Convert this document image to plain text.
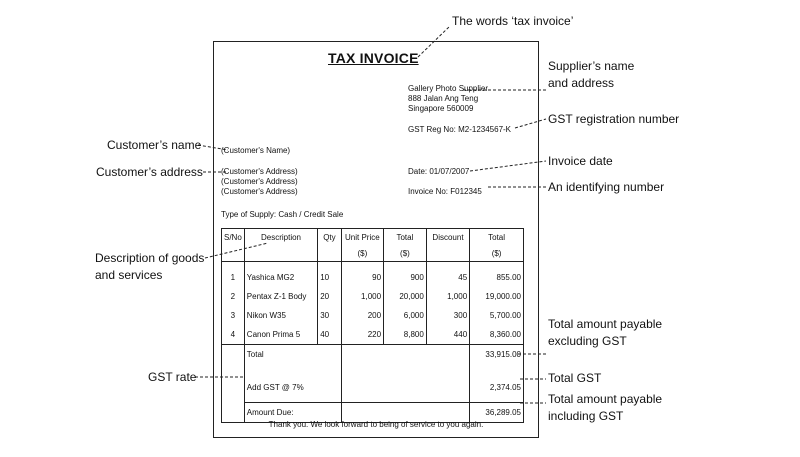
The words ‘tax invoice’
Supplier’s name
and address
GST registration number
Customer’s name
Customer’s address
Invoice date
An identifying number
Description of goods
and services
Total amount payable
excluding GST
GST rate	Total GST
Total amount payable
including GST
TAX INVOICE
Gallery Photo Supplier
888 Jalan Ang Teng
Singapore 560009
GST Reg No: M2-1234567-K
(Customer's Name)
(Customer's Address)
(Customer's Address)
(Customer's Address)
Date: 01/07/2007
Invoice No: F012345
Type of Supply: Cash / Credit Sale
S/No	Description	Qty	Unit Price	Total	Discount	Total
			($)	($)		($)
1	Yashica MG2	10	90	900	45	855.00
2	Pentax Z-1 Body	20	1,000	20,000	1,000	19,000.00
3	Nikon W35	30	200	6,000	300	5,700.00
4	Canon Prima 5	40	220	8,800	440	8,360.00
	Total					33,915.00
	Add GST @ 7%					2,374.05
	Amount Due:					36,289.05
Thank you. We look forward to being of service to you again.
